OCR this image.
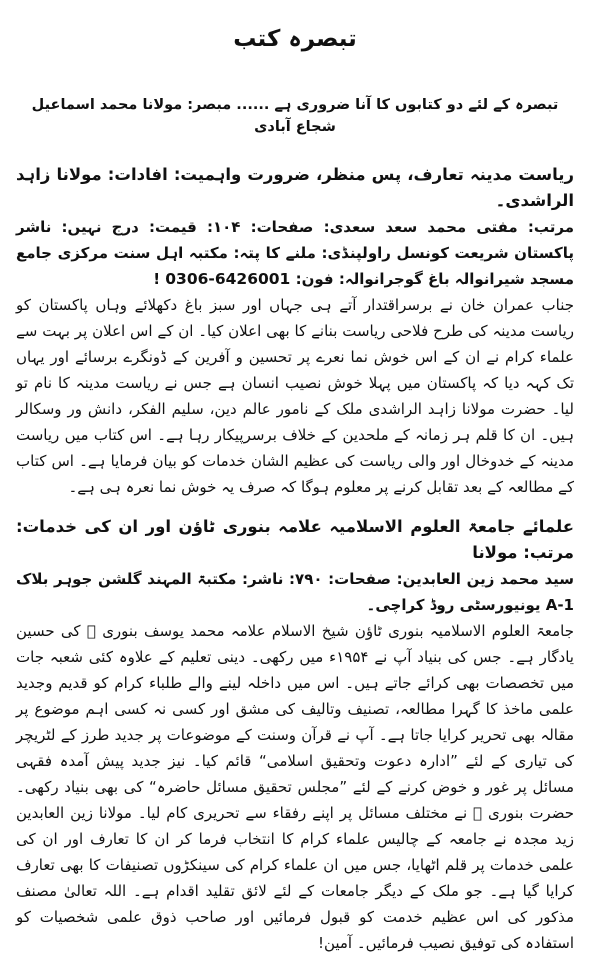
تبصرہ کتب
تبصرہ کے لئے دو کتابوں کا آنا ضروری ہے ...... مبصر: مولانا محمد اسماعیل شجاع آبادی
ریاست مدینہ تعارف، پس منظر، ضرورت واہمیت: افادات: مولانا زاہد الراشدی۔
مرتب: مفتی محمد سعد سعدی: صفحات: ۱۰۴: قیمت: درج نہیں: ناشر پاکستان شریعت کونسل راولپنڈی: ملنے کا پتہ: مکتبہ اہل سنت مرکزی جامع مسجد شیرانوالہ باغ گوجرانوالہ: فون: 0306-6426001 !
جناب عمران خان نے برسراقتدار آتے ہی جہاں اور سبز باغ دکھلائے وہاں پاکستان کو ریاست مدینہ کی طرح فلاحی ریاست بنانے کا بھی اعلان کیا۔ ان کے اس اعلان پر بہت سے علماء کرام نے ان کے اس خوش نما نعرے پر تحسین و آفرین کے ڈونگرے برسائے اور یہاں تک کہہ دیا کہ پاکستان میں پہلا خوش نصیب انسان ہے جس نے ریاست مدینہ کا نام تو لیا۔ حضرت مولانا زاہد الراشدی ملک کے نامور عالم دین، سلیم الفکر، دانش ور وسکالر ہیں۔ ان کا قلم ہر زمانہ کے ملحدین کے خلاف برسرپیکار رہا ہے۔ اس کتاب میں ریاست مدینہ کے خدوخال اور والی ریاست کی عظیم الشان خدمات کو بیان فرمایا ہے۔ اس کتاب کے مطالعہ کے بعد تقابل کرنے پر معلوم ہوگا کہ صرف یہ خوش نما نعرہ ہی ہے۔
علمائے جامعۃ العلوم الاسلامیہ علامہ بنوری ٹاؤن اور ان کی خدمات: مرتب: مولانا
سید محمد زین العابدین: صفحات: ۷۹۰: ناشر: مکتبۃ المہند گلشن جوہر بلاک A-1 یونیورسٹی روڈ کراچی۔
جامعۃ العلوم الاسلامیہ بنوری ٹاؤن شیخ الاسلام علامہ محمد یوسف بنوری ﷫ کی حسین یادگار ہے۔ جس کی بنیاد آپ نے ۱۹۵۴ء میں رکھی۔ دینی تعلیم کے علاوہ کئی شعبہ جات میں تخصصات بھی کرائے جاتے ہیں۔ اس میں داخلہ لینے والے طلباء کرام کو قدیم وجدید علمی ماخذ کا گہرا مطالعہ، تصنیف وتالیف کی مشق اور کسی نہ کسی اہم موضوع پر مقالہ بھی تحریر کرایا جاتا ہے۔ آپ نے قرآن وسنت کے موضوعات پر جدید طرز کے لٹریچر کی تیاری کے لئے ”ادارہ دعوت وتحقیق اسلامی“ قائم کیا۔ نیز جدید پیش آمدہ فقہی مسائل پر غور و خوض کرنے کے لئے ”مجلس تحقیق مسائل حاضرہ“ کی بھی بنیاد رکھی۔ حضرت بنوری ﷫ نے مختلف مسائل پر اپنے رفقاء سے تحریری کام لیا۔ مولانا زین العابدین زید مجدہ نے جامعہ کے چالیس علماء کرام کا انتخاب فرما کر ان کا تعارف اور ان کی علمی خدمات پر قلم اٹھایا، جس میں ان علماء کرام کی سینکڑوں تصنیفات کا بھی تعارف کرایا گیا ہے۔ جو ملک کے دیگر جامعات کے لئے لائق تقلید اقدام ہے۔ اللہ تعالیٰ مصنف مذکور کی اس عظیم خدمت کو قبول فرمائیں اور صاحب ذوق علمی شخصیات کو استفادہ کی توفیق نصیب فرمائیں۔ آمین!
